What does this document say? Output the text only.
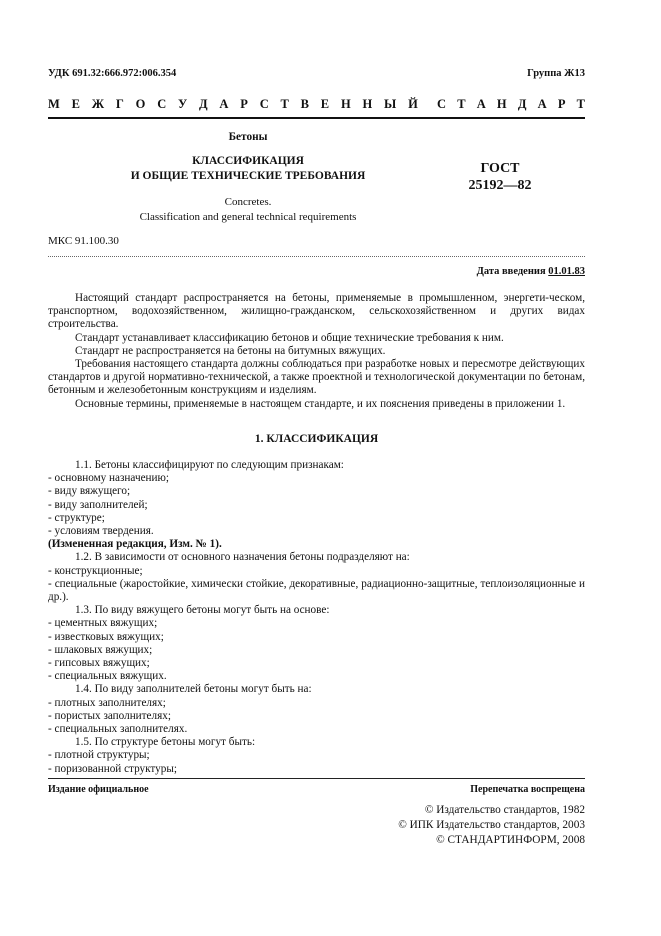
УДК 691.32:666.972:006.354	Группа Ж13
М Е Ж Г О С У Д А Р С Т В Е Н Н Ы Й С Т А Н Д А Р Т
Бетоны
КЛАССИФИКАЦИЯ
И ОБЩИЕ ТЕХНИЧЕСКИЕ ТРЕБОВАНИЯ
Concretes.
Classification and general technical requirements
ГОСТ
25192—82
МКС 91.100.30
Дата введения 01.01.83

Настоящий стандарт распространяется на бетоны, применяемые в промышленном, энергети-ческом, транспортном, водохозяйственном, жилищно-гражданском, сельскохозяйственном и других видах строительства.

Стандарт устанавливает классификацию бетонов и общие технические требования к ним.

Стандарт не распространяется на бетоны на битумных вяжущих.

Требования настоящего стандарта должны соблюдаться при разработке новых и пересмотре действующих стандартов и другой нормативно-технической, а также проектной и технологической документации по бетонам, бетонным и железобетонным конструкциям и изделиям.

Основные термины, применяемые в настоящем стандарте, и их пояснения приведены в приложении 1.

1. КЛАССИФИКАЦИЯ

1.1. Бетоны классифицируют по следующим признакам:

- основному назначению;

- виду вяжущего;

- виду заполнителей;

- структуре;

- условиям твердения.

(Измененная редакция, Изм. № 1).

1.2. В зависимости от основного назначения бетоны подразделяют на:

- конструкционные;

- специальные (жаростойкие, химически стойкие, декоративные, радиационно-защитные, теплоизоляционные и др.).

1.3. По виду вяжущего бетоны могут быть на основе:

- цементных вяжущих;

- известковых вяжущих;

- шлаковых вяжущих;

- гипсовых вяжущих;

- специальных вяжущих.

1.4. По виду заполнителей бетоны могут быть на:

- плотных заполнителях;

- пористых заполнителях;

- специальных заполнителях.

1.5. По структуре бетоны могут быть:

- плотной структуры;

- поризованной структуры;

Издание официальное	Перепечатка воспрещена
© Издательство стандартов, 1982
© ИПК Издательство стандартов, 2003
© СТАНДАРТИНФОРМ, 2008
